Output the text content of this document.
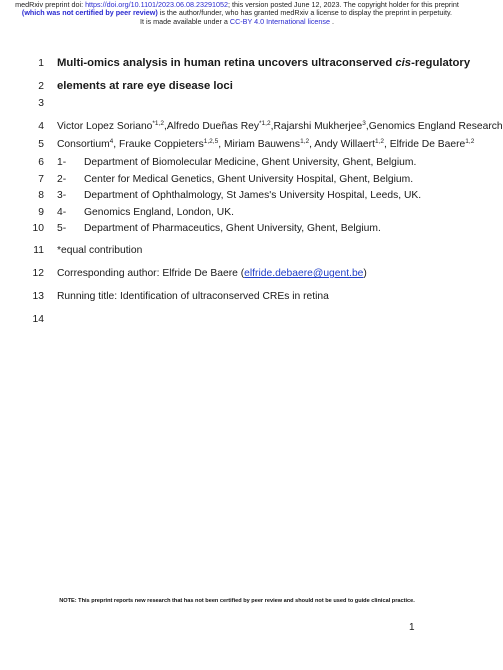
medRxiv preprint doi: https://doi.org/10.1101/2023.06.08.23291052; this version posted June 12, 2023. The copyright holder for this preprint
(which was not certified by peer review) is the author/funder, who has granted medRxiv a license to display the preprint in perpetuity.
It is made available under a CC-BY 4.0 International license .
1
2
3
4
5
6
7
8
9
10
11
12
13
14
Multi-omics analysis in human retina uncovers ultraconserved cis-regulatory
elements at rare eye disease loci
Victor Lopez Soriano$^{*1,2}$, Alfredo Dueñas Rey$^{*1,2}$, Rajarshi Mukherjee$^3$, Genomics England Research
Consortium$^4$, Frauke Coppieters$^{1,2,5}$, Miriam Bauwens$^{1,2}$, Andy Willaert$^{1,2}$, Elfride De Baere$^{1,2}$
1-	Department of Biomolecular Medicine, Ghent University, Ghent, Belgium.
2-	Center for Medical Genetics, Ghent University Hospital, Ghent, Belgium.
3-	Department of Ophthalmology, St James's University Hospital, Leeds, UK.
4-	Genomics England, London, UK.
5-	Department of Pharmaceutics, Ghent University, Ghent, Belgium.
*equal contribution
Corresponding author: Elfride De Baere (elfride.debaere@ugent.be)
Running title: Identification of ultraconserved CREs in retina
NOTE: This preprint reports new research that has not been certified by peer review and should not be used to guide clinical practice.
1
